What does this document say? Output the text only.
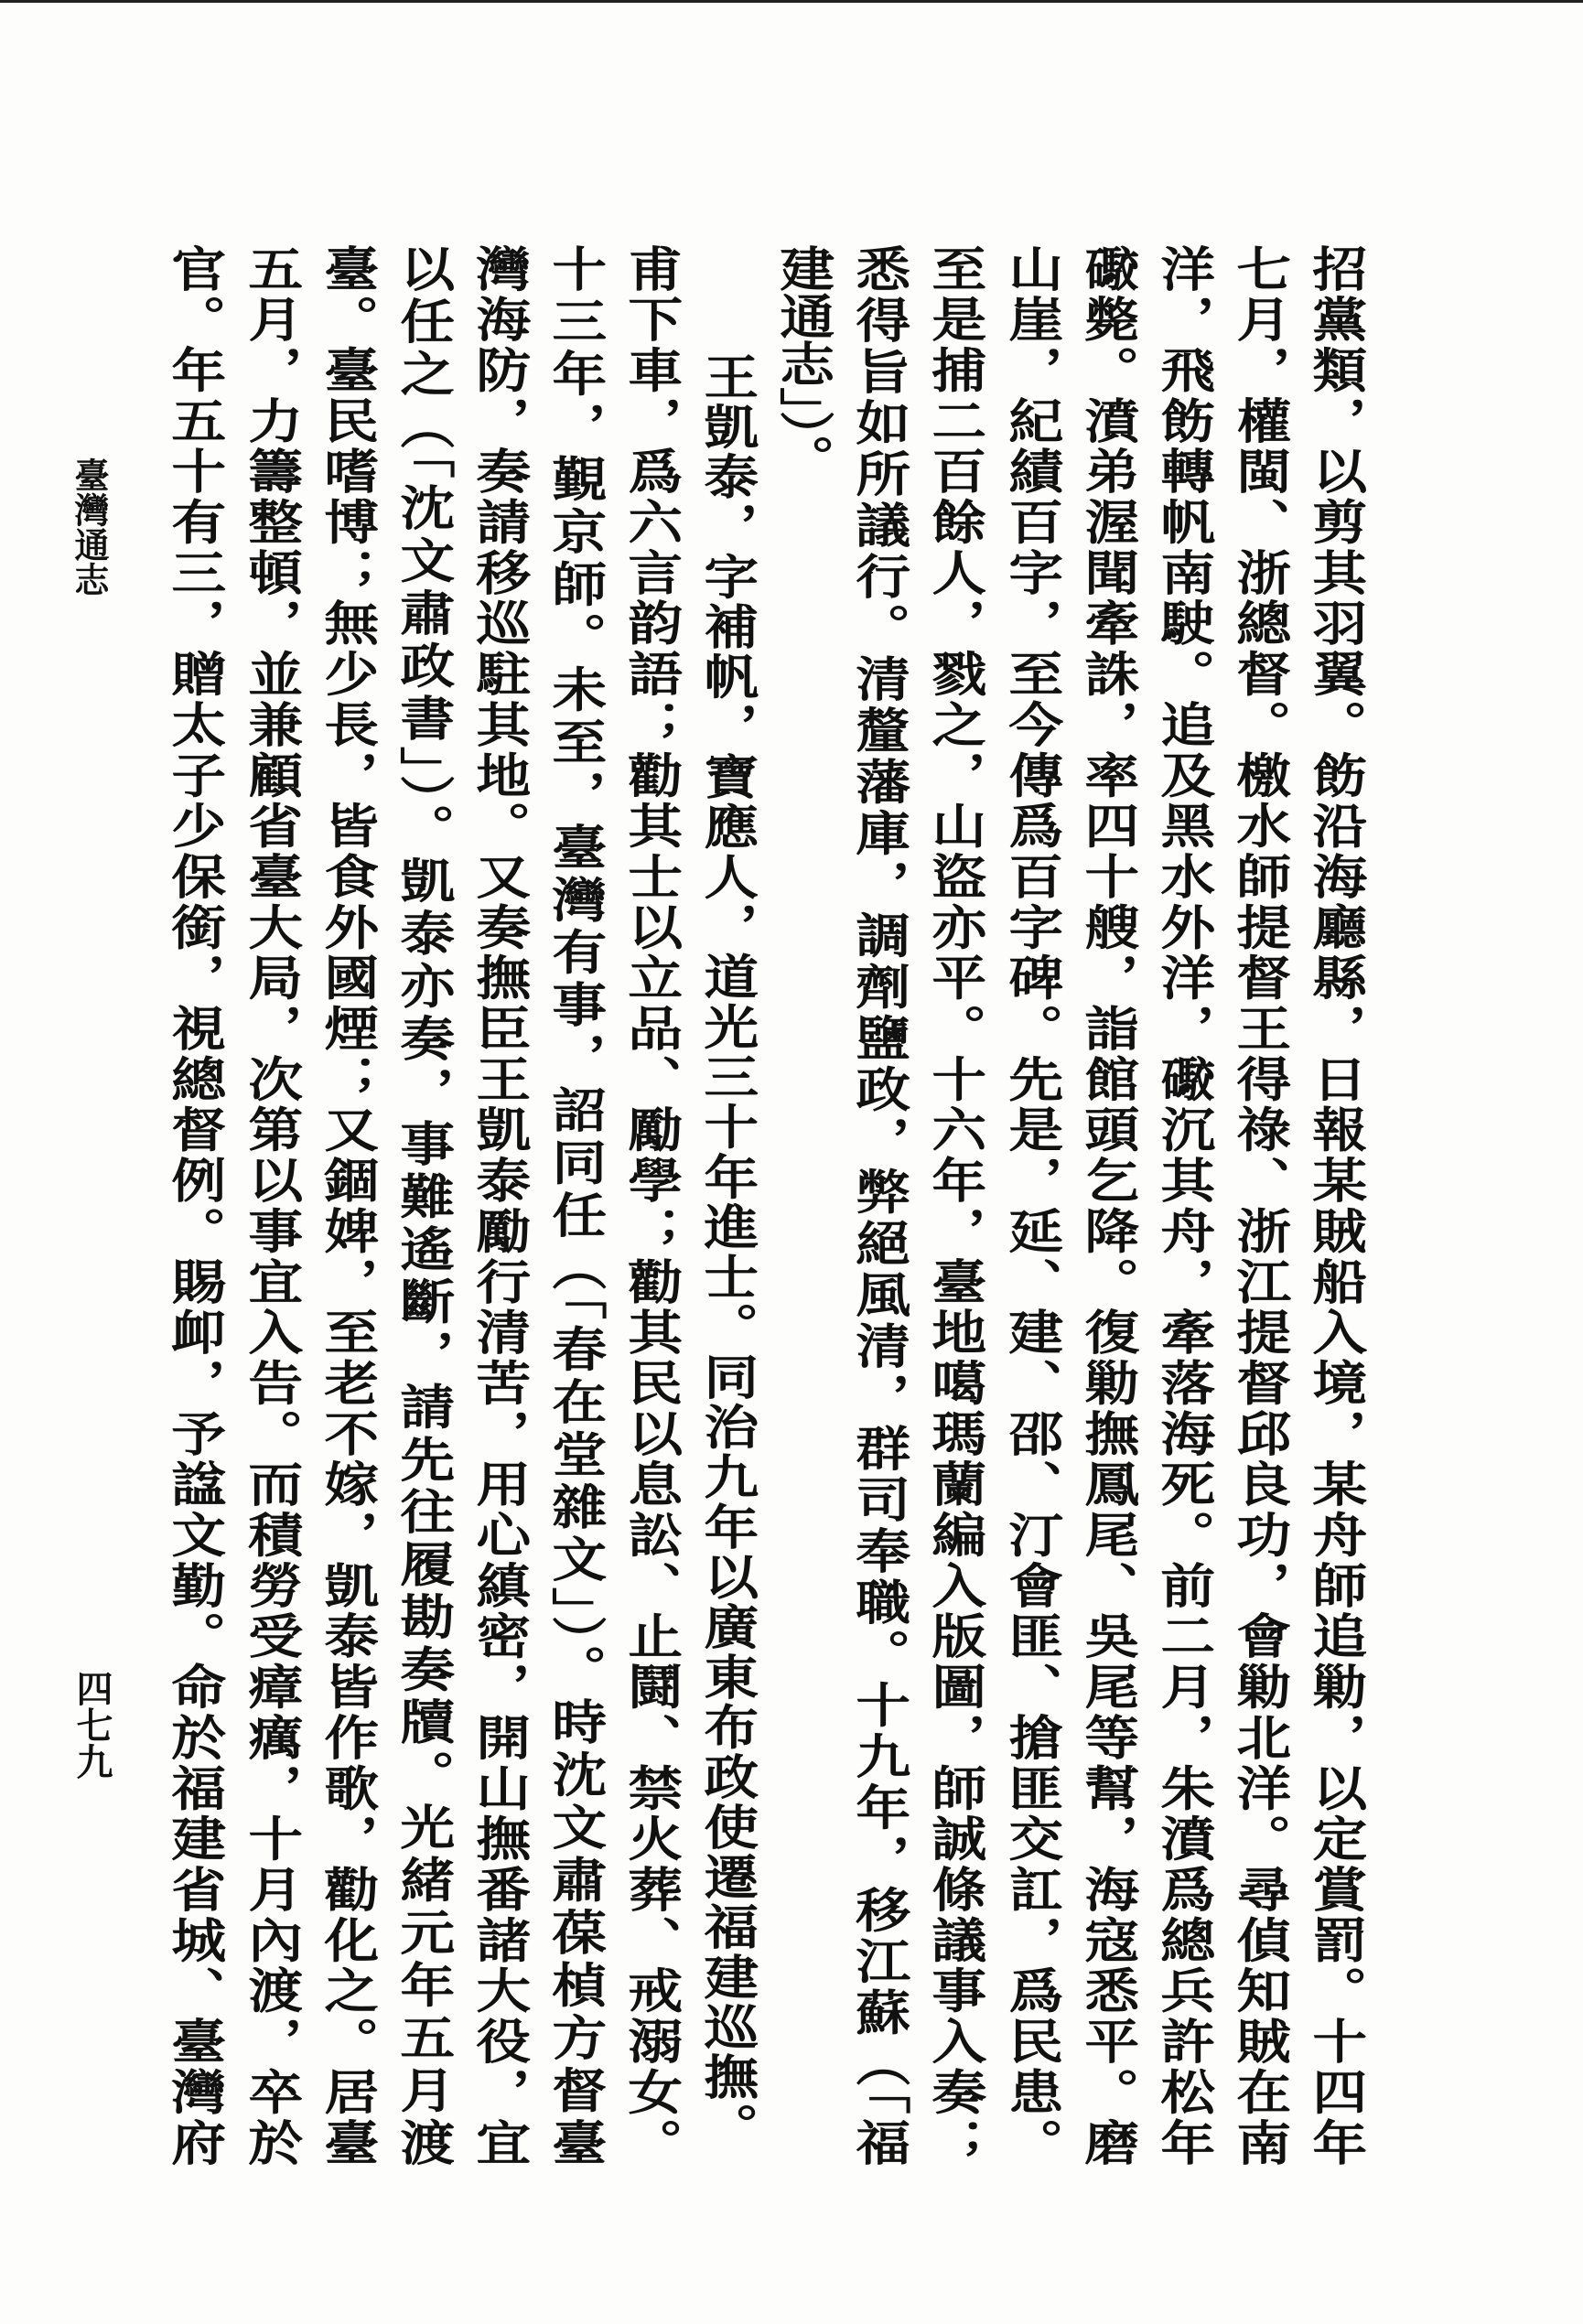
招黨類，以剪其羽翼。飭沿海廳縣，日報某賊船入境，某舟師追勦，以定賞罰。十四年
七月，權閩、浙總督。檄水師提督王得祿、浙江提督邱良功，會勦北洋。尋偵知賊在南
洋，飛飭轉帆南駛。追及黑水外洋，礮沉其舟，牽落海死。前二月，朱濆爲總兵許松年
礮斃。濆弟渥聞牽誅，率四十艘，詣館頭乞降。復勦撫鳳尾、吳尾等幫，海寇悉平。磨
山崖，紀績百字，至今傳爲百字碑。先是，延、建、邵、汀會匪、搶匪交訌，爲民患。
至是捕二百餘人，戮之，山盜亦平。十六年，臺地噶瑪蘭編入版圖，師誠條議事入奏；
悉得旨如所議行。清釐藩庫，調劑鹽政，弊絕風清，群司奉職。十九年，移江蘇（「福
建通志」）。
王凱泰，字補帆，寶應人，道光三十年進士。同治九年以廣東布政使遷福建巡撫。
甫下車，爲六言韵語；勸其士以立品、勵學；勸其民以息訟、止鬪、禁火葬、戒溺女。
十三年，覲京師。未至，臺灣有事，詔同任（「春在堂雜文」）。時沈文肅葆楨方督臺
灣海防，奏請移巡駐其地。又奏撫臣王凱泰勵行清苦，用心縝密，開山撫番諸大役，宜
以任之（「沈文肅政書」）。凱泰亦奏，事難遙斷，請先往履勘奏牘。光緒元年五月渡
臺。臺民嗜博；無少長，皆食外國煙；又錮婢，至老不嫁，凱泰皆作歌，勸化之。居臺
五月，力籌整頓，並兼顧省臺大局，次第以事宜入告。而積勞受瘴癘，十月內渡，卒於
官。年五十有三，贈太子少保銜，視總督例。賜卹，予諡文勤。命於福建省城、臺灣府
臺灣通志
四七九
